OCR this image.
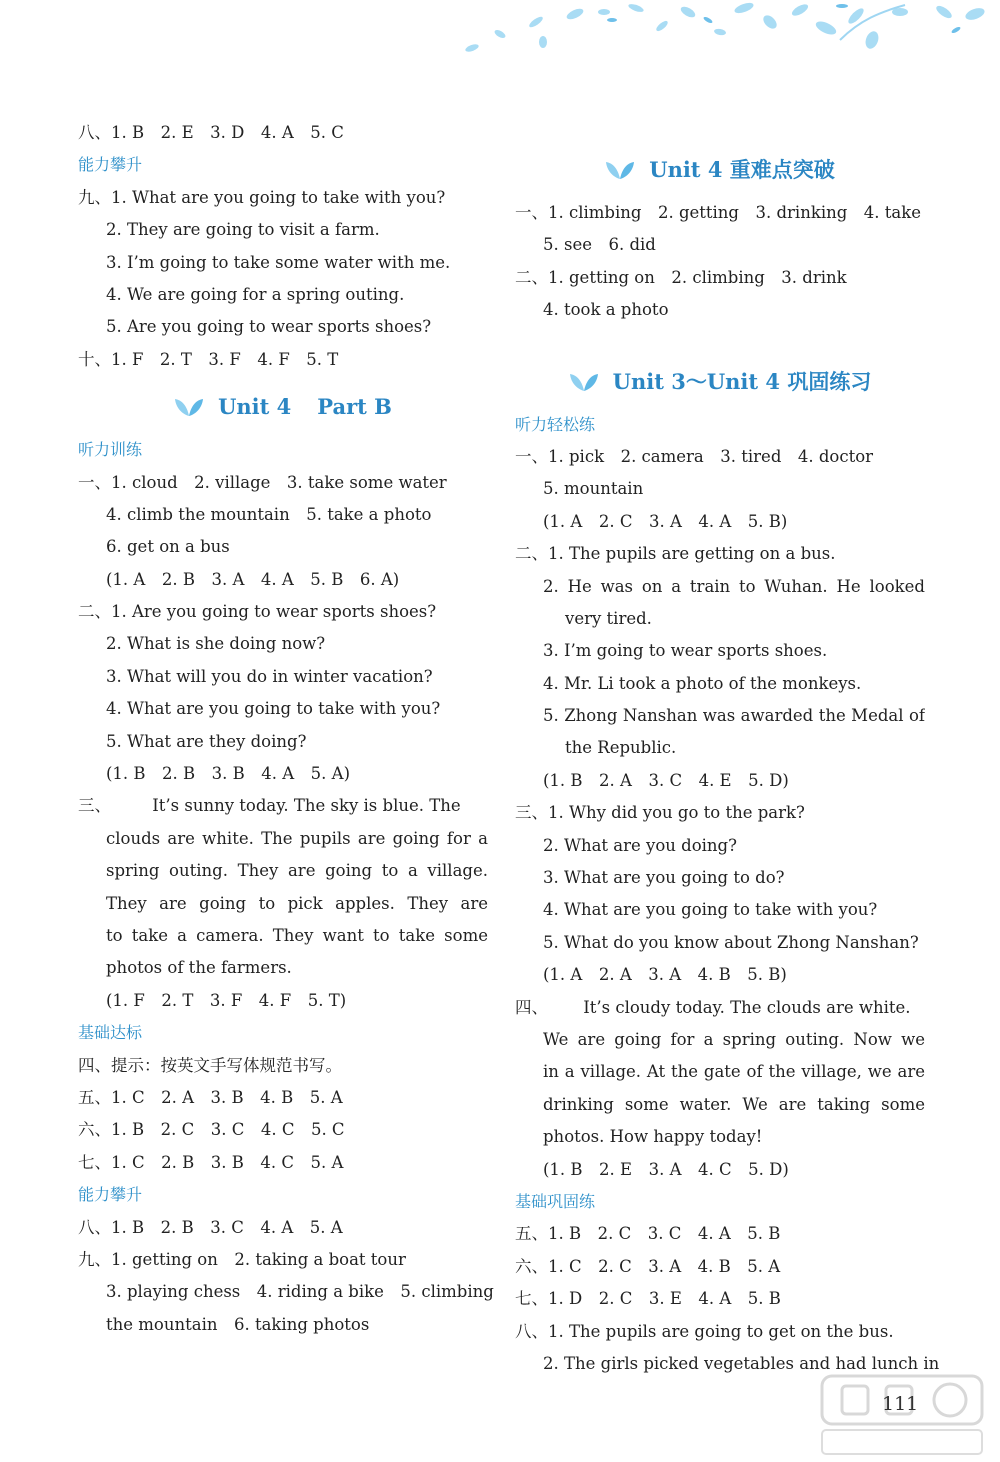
八、1. B　2. E　3. D　4. A　5. C
能力攀升
九、1. What are you going to take with you?
2. They are going to visit a farm.
3. I’m going to take some water with me.
4. We are going for a spring outing.
5. Are you going to wear sports shoes?
十、1. F　2. T　3. F　4. F　5. T
Unit 4 Part B
听力训练
一、1. cloud　2. village　3. take some water
4. climb the mountain　5. take a photo
6. get on a bus
(1. A　2. B　3. A　4. A　5. B　6. A)
二、1. Are you going to wear sports shoes?
2. What is she doing now?
3. What will you do in winter vacation?
4. What are you going to take with you?
5. What are they doing?
(1. B　2. B　3. B　4. A　5. A)
三、	It’s sunny today. The sky is blue. The
clouds are white. The pupils are going for a
spring outing. They are going to a village.
They are going to pick apples. They are
to take a camera. They want to take some
photos of the farmers.
(1. F　2. T　3. F　4. F　5. T)
基础达标
四、提示：按英文手写体规范书写。
五、1. C　2. A　3. B　4. B　5. A
六、1. B　2. C　3. C　4. C　5. C
七、1. C　2. B　3. B　4. C　5. A
能力攀升
八、1. B　2. B　3. C　4. A　5. A
九、1. getting on　2. taking a boat tour
3. playing chess　4. riding a bike　5. climbing
the mountain　6. taking photos
Unit 4 重难点突破
一、1. climbing　2. getting　3. drinking　4. take
5. see　6. did
二、1. getting on　2. climbing　3. drink
4. took a photo
Unit 3～Unit 4 巩固练习
听力轻松练
一、1. pick　2. camera　3. tired　4. doctor
5. mountain
(1. A　2. C　3. A　4. A　5. B)
二、1. The pupils are getting on a bus.
2. He was on a train to Wuhan. He looked
very tired.
3. I’m going to wear sports shoes.
4. Mr. Li took a photo of the monkeys.
5. Zhong Nanshan was awarded the Medal of
the Republic.
(1. B　2. A　3. C　4. E　5. D)
三、1. Why did you go to the park?
2. What are you doing?
3. What are you going to do?
4. What are you going to take with you?
5. What do you know about Zhong Nanshan?
(1. A　2. A　3. A　4. B　5. B)
四、 It’s cloudy today. The clouds are white.
We are going for a spring outing. Now we
in a village. At the gate of the village, we are
drinking some water. We are taking some
photos. How happy today!
(1. B　2. E　3. A　4. C　5. D)
基础巩固练
五、1. B　2. C　3. C　4. A　5. B
六、1. C　2. C　3. A　4. B　5. A
七、1. D　2. C　3. E　4. A　5. B
八、1. The pupils are going to get on the bus.
2. The girls picked vegetables and had lunch in
111
